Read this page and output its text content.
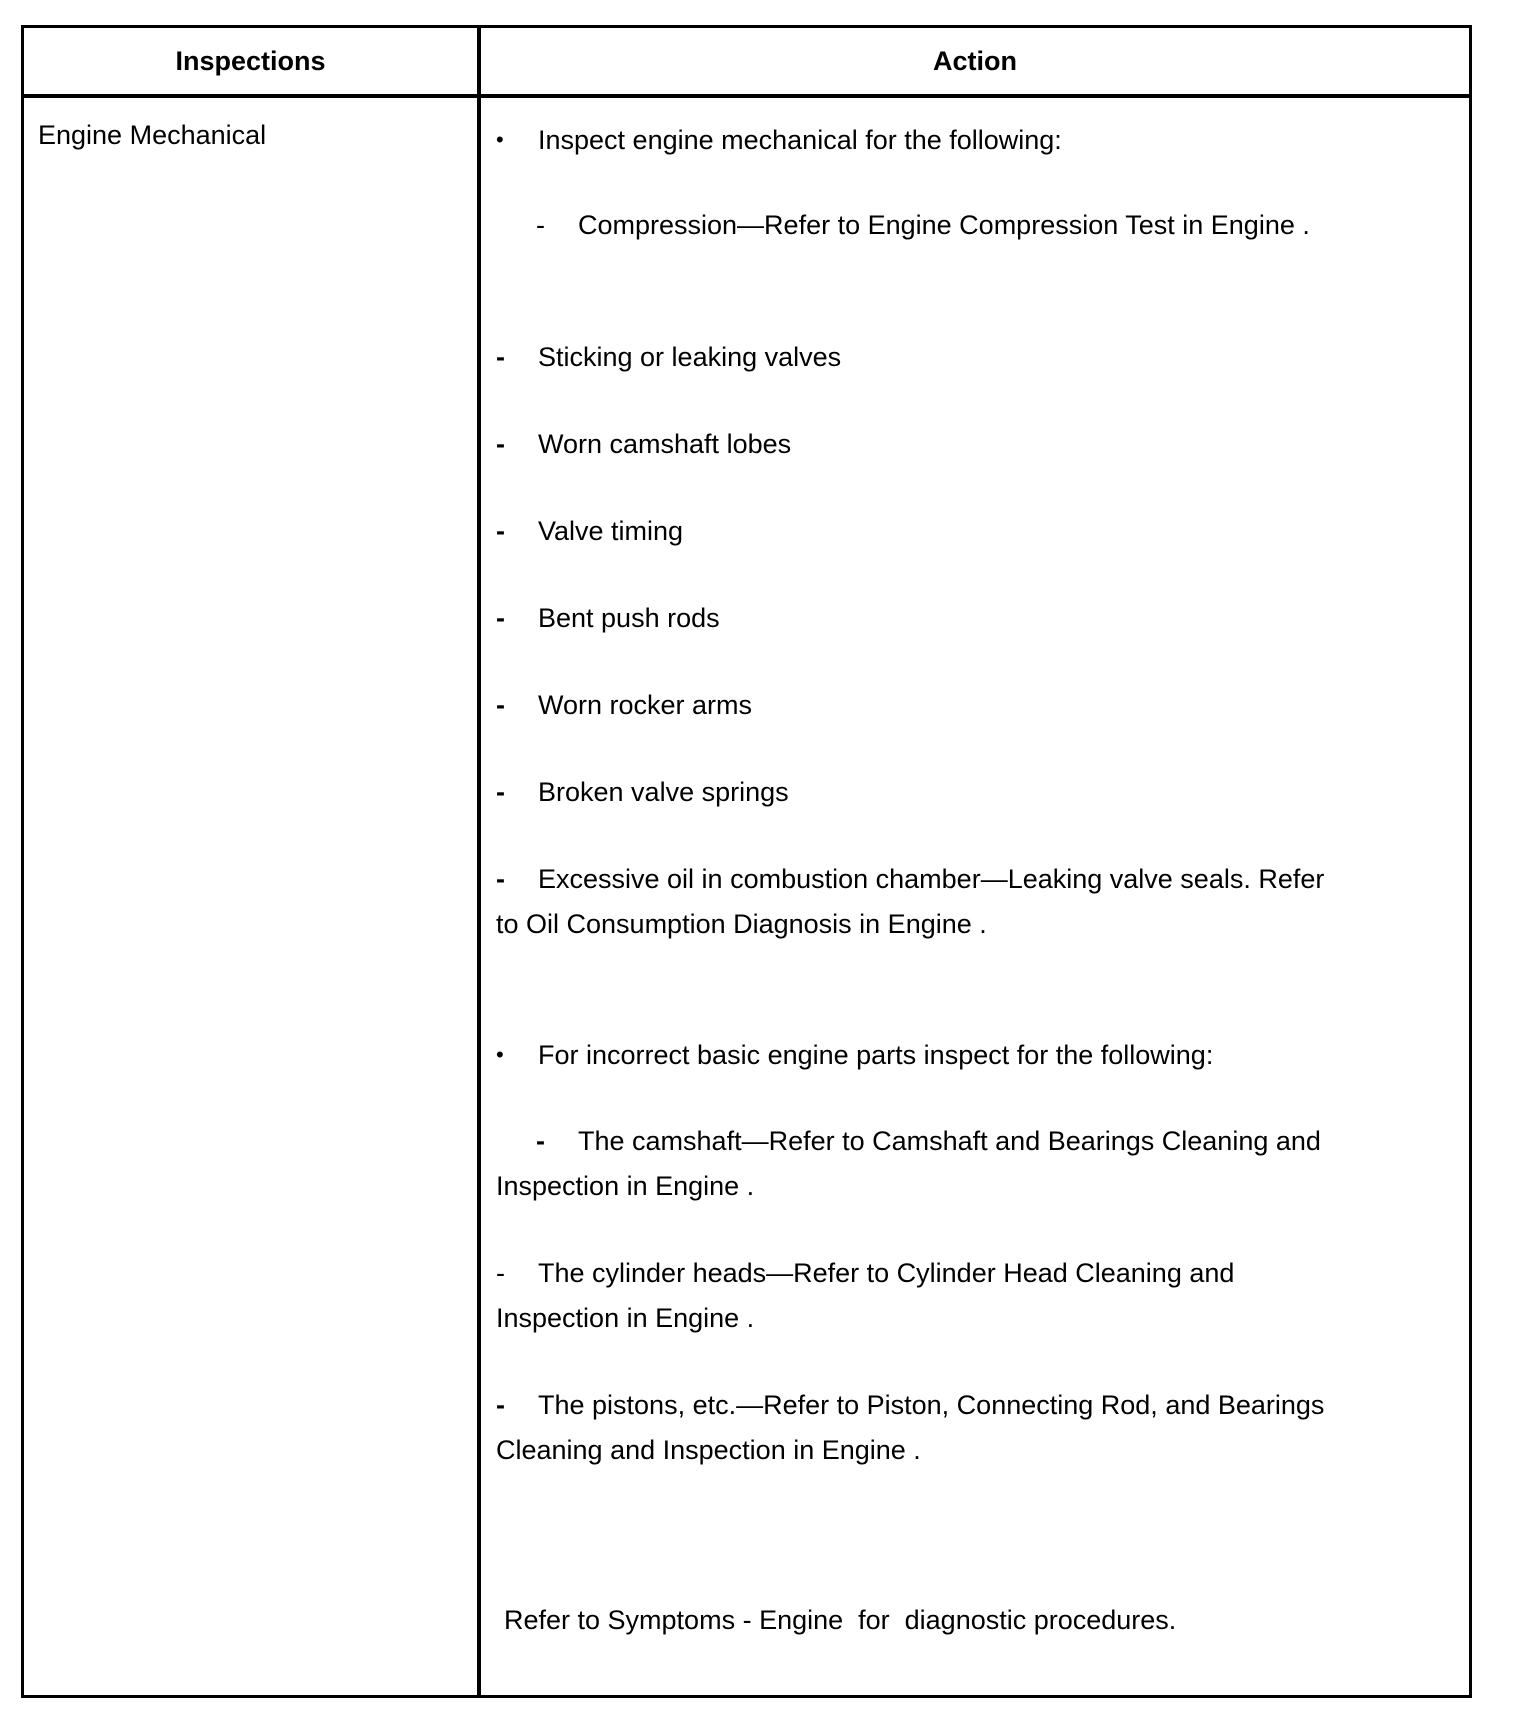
Inspections	Action
Engine Mechanical	• Inspect engine mechanical for the following:
- Compression—Refer to Engine Compression Test in Engine .
- Sticking or leaking valves
- Worn camshaft lobes
- Valve timing
- Bent push rods
- Worn rocker arms
- Broken valve springs
- Excessive oil in combustion chamber—Leaking valve seals. Refer
to Oil Consumption Diagnosis in Engine .
• For incorrect basic engine parts inspect for the following:
- The camshaft—Refer to Camshaft and Bearings Cleaning and
Inspection in Engine .
- The cylinder heads—Refer to Cylinder Head Cleaning and
Inspection in Engine .
- The pistons, etc.—Refer to Piston, Connecting Rod, and Bearings
Cleaning and Inspection in Engine .
Refer to Symptoms - Engine  for  diagnostic procedures.
